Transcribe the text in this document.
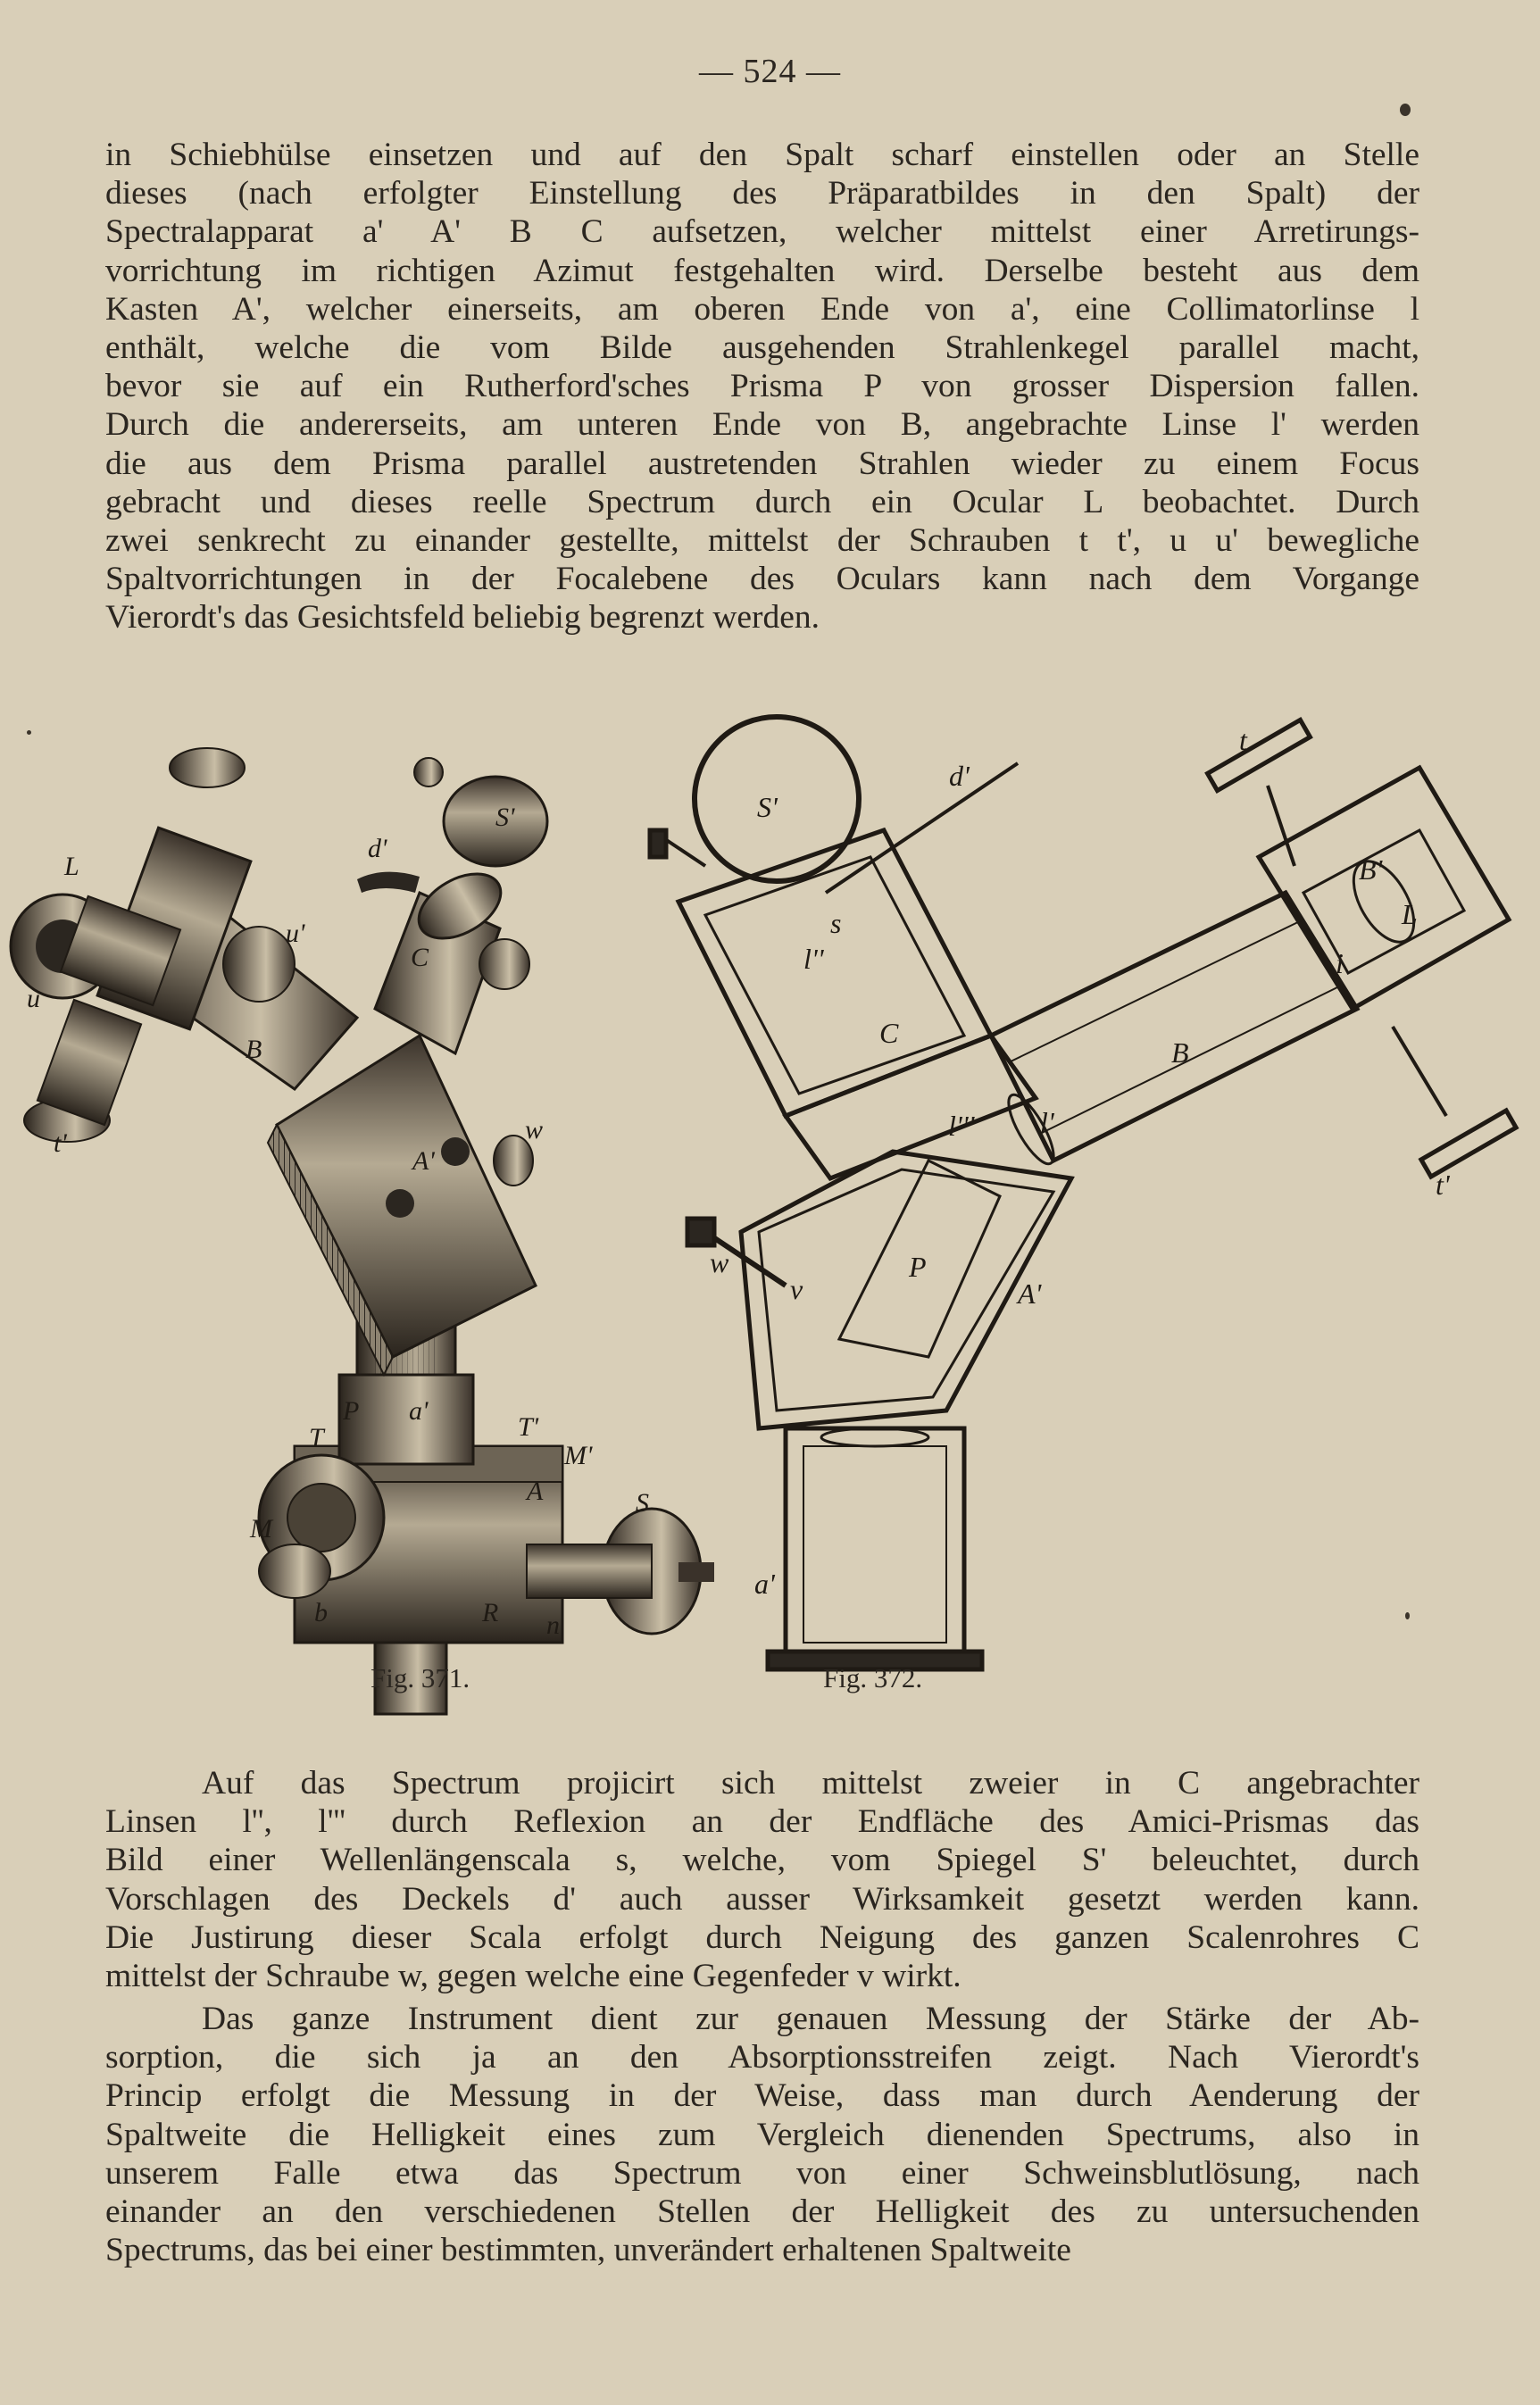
— 524 —
in Schiebhülse einsetzen und auf den Spalt scharf einstellen oder an Stelle
dieses (nach erfolgter Einstellung des Präparatbildes in den Spalt) der
Spectralapparat a' A' B C aufsetzen, welcher mittelst einer Arretirungs-
vorrichtung im richtigen Azimut festgehalten wird. Derselbe besteht aus dem
Kasten A', welcher einerseits, am oberen Ende von a', eine Collimatorlinse l
enthält, welche die vom Bilde ausgehenden Strahlenkegel parallel macht,
bevor sie auf ein Rutherford'sches Prisma P von grosser Dispersion fallen.
Durch die andererseits, am unteren Ende von B, angebrachte Linse l' werden
die aus dem Prisma parallel austretenden Strahlen wieder zu einem Focus
gebracht und dieses reelle Spectrum durch ein Ocular L beobachtet. Durch
zwei senkrecht zu einander gestellte, mittelst der Schrauben t t', u u' bewegliche
Spaltvorrichtungen in der Focalebene des Oculars kann nach dem Vorgange
Vierordt's das Gesichtsfeld beliebig begrenzt werden.
L
u
u'
t'
B
d'
S'
C
A'
w
P a'
T	T'
M'
A
M
S
b	R n
S'
d'
t
B'
L
i
s
l''
C
B
l''' l'
w
v
P
A'
a'
t'
Fig. 371.	Fig. 372.
Auf das Spectrum projicirt sich mittelst zweier in C angebrachter
Linsen l'', l''' durch Reflexion an der Endfläche des Amici-Prismas das
Bild einer Wellenlängenscala s, welche, vom Spiegel S' beleuchtet, durch
Vorschlagen des Deckels d' auch ausser Wirksamkeit gesetzt werden kann.
Die Justirung dieser Scala erfolgt durch Neigung des ganzen Scalenrohres C
mittelst der Schraube w, gegen welche eine Gegenfeder v wirkt.
Das ganze Instrument dient zur genauen Messung der Stärke der Ab-
sorption, die sich ja an den Absorptionsstreifen zeigt. Nach Vierordt's
Princip erfolgt die Messung in der Weise, dass man durch Aenderung der
Spaltweite die Helligkeit eines zum Vergleich dienenden Spectrums, also in
unserem Falle etwa das Spectrum von einer Schweinsblutlösung, nach
einander an den verschiedenen Stellen der Helligkeit des zu untersuchenden
Spectrums, das bei einer bestimmten, unverändert erhaltenen Spaltweite
